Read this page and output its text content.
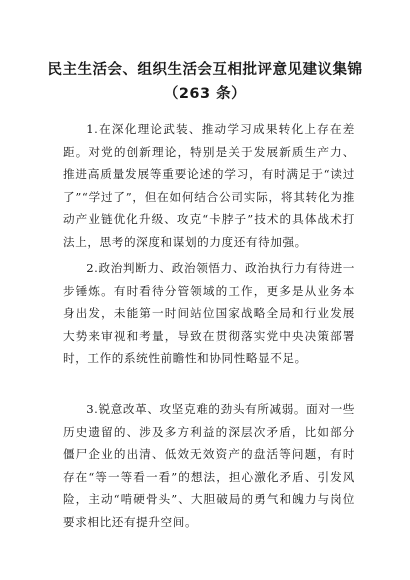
民主生活会、组织生活会互相批评意见建议集锦
（263 条）

1.在深化理论武装、推动学习成果转化上存在差距。对党的创新理论，特别是关于发展新质生产力、推进高质量发展等重要论述的学习，有时满足于“读过了”“学过了”，但在如何结合公司实际，将其转化为推动产业链优化升级、攻克“卡脖子”技术的具体战术打法上，思考的深度和谋划的力度还有待加强。

2.政治判断力、政治领悟力、政治执行力有待进一步锤炼。有时看待分管领域的工作，更多是从业务本身出发，未能第一时间站位国家战略全局和行业发展大势来审视和考量，导致在贯彻落实党中央决策部署时，工作的系统性前瞻性和协同性略显不足。

3.锐意改革、攻坚克难的劲头有所减弱。面对一些历史遗留的、涉及多方利益的深层次矛盾，比如部分僵尸企业的出清、低效无效资产的盘活等问题，有时存在“等一等看一看”的想法，担心激化矛盾、引发风险，主动“啃硬骨头”、大胆破局的勇气和魄力与岗位要求相比还有提升空间。
